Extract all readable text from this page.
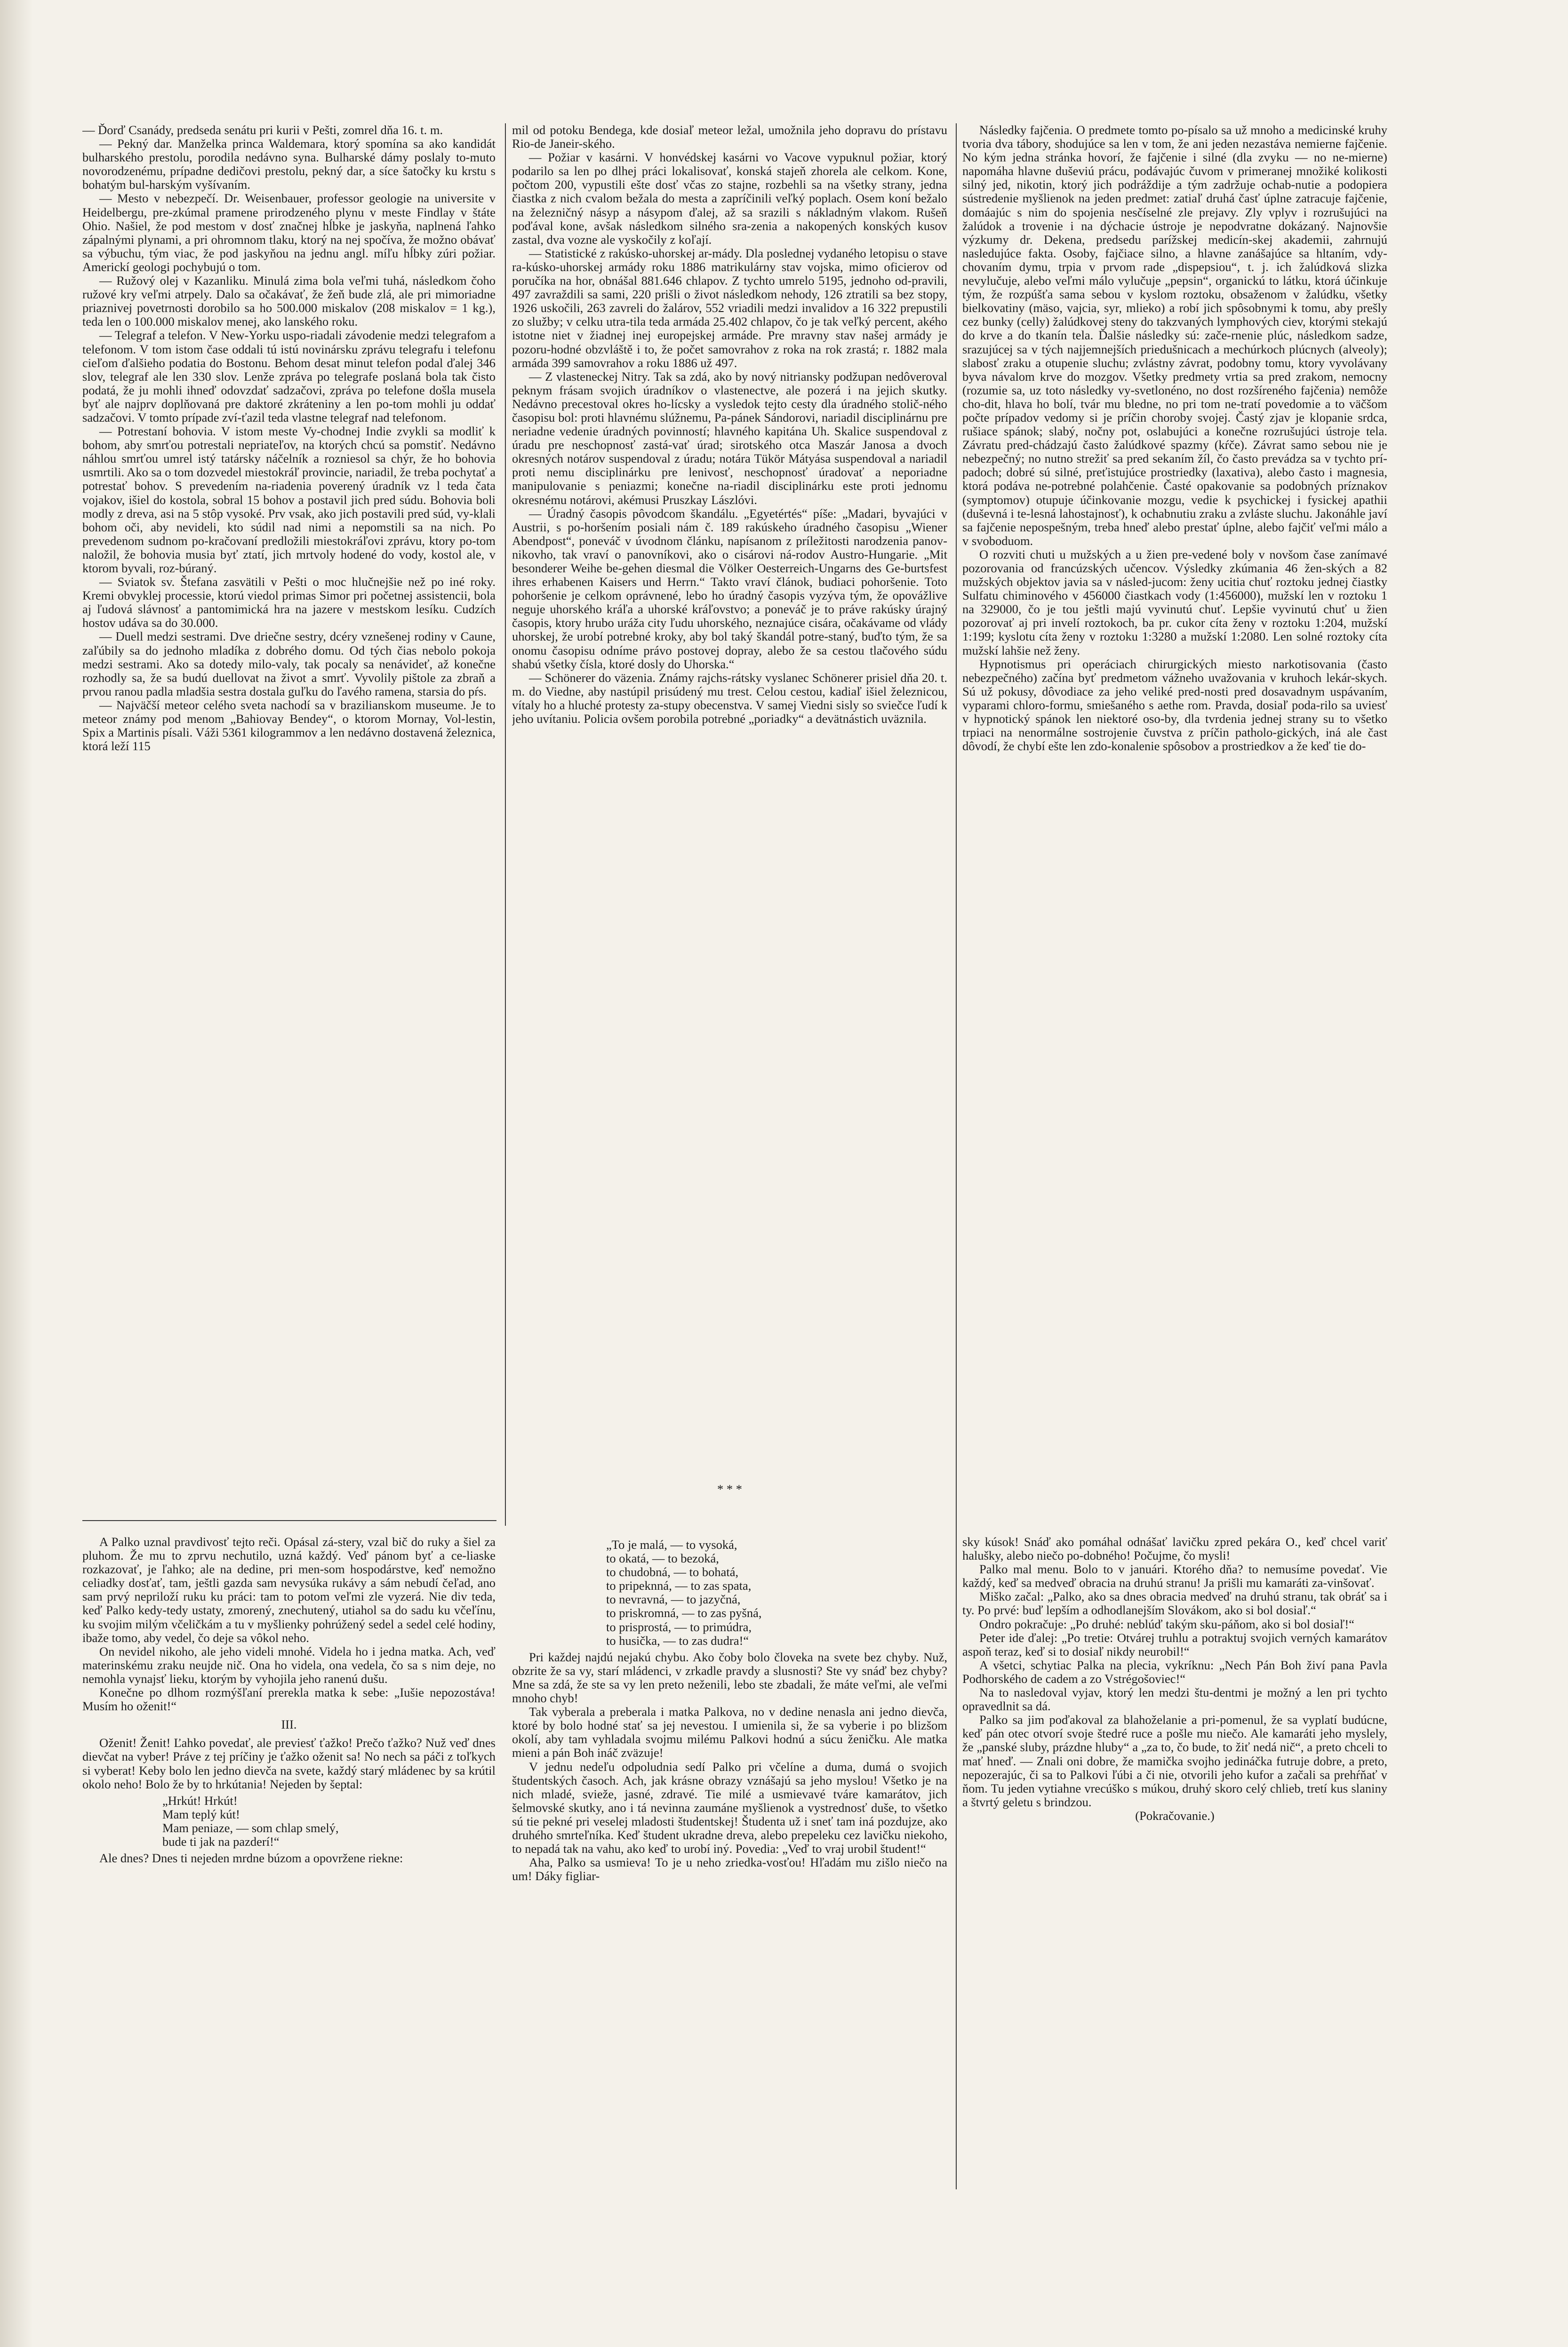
— Ďorď Csanády, predseda senátu pri kurii v Pešti, zomrel dňa 16. t. m.

— Pekný dar. Manželka princa Waldemara, ktorý spomína sa ako kandidát bulharského prestolu, porodila nedávno syna. Bulharské dámy poslaly to-muto novorodzenému, prípadne dedičovi prestolu, pekný dar, a síce šatočky ku krstu s bohatým bul-harským vyšívaním.

— Mesto v nebezpečí. Dr. Weisenbauer, professor geologie na universite v Heidelbergu, pre-zkúmal pramene prirodzeného plynu v meste Findlay v štáte Ohio. Našiel, že pod mestom v dosť značnej hĺbke je jaskyňa, naplnená ľahko zápalnými plynami, a pri ohromnom tlaku, ktorý na nej spočíva, že možno obávať sa výbuchu, tým viac, že pod jaskyňou na jednu angl. míľu hĺbky zúri požiar. Americkí geologi pochybujú o tom.

— Ružový olej v Kazanliku. Minulá zima bola veľmi tuhá, následkom čoho ružové kry veľmi atrpely. Dalo sa očakávať, že žeň bude zlá, ale pri mimoriadne priaznivej povetrnosti dorobilo sa ho 500.000 miskalov (208 miskalov = 1 kg.), teda len o 100.000 miskalov menej, ako lanského roku.

— Telegraf a telefon. V New-Yorku uspo-riadali závodenie medzi telegrafom a telefonom. V tom istom čase oddali tú istú novinársku zprávu telegrafu i telefonu cieľom ďalšieho podatia do Bostonu. Behom desat minut telefon podal ďalej 346 slov, telegraf ale len 330 slov. Lenže zpráva po telegrafe poslaná bola tak čisto podatá, že ju mohli ihneď odovzdať sadzačovi, zpráva po telefone došla musela byť ale najprv doplňovaná pre daktoré zkráteniny a len po-tom mohli ju oddať sadzačovi. V tomto prípade zví-ťazil teda vlastne telegraf nad telefonom.

— Potrestaní bohovia. V istom meste Vy-chodnej Indie zvykli sa modliť k bohom, aby smrťou potrestali nepriateľov, na ktorých chcú sa pomstiť. Nedávno náhlou smrťou umrel istý tatársky náčelník a rozniesol sa chýr, že ho bohovia usmrtili. Ako sa o tom dozvedel miestokráľ provincie, nariadil, že treba pochytať a potrestať bohov. S prevedením na-riadenia poverený úradník vz l teda čata vojakov, išiel do kostola, sobral 15 bohov a postavil jich pred súdu. Bohovia boli modly z dreva, asi na 5 stôp vysoké. Prv vsak, ako jich postavili pred súd, vy-klali bohom oči, aby nevideli, kto súdil nad nimi a nepomstili sa na nich. Po prevedenom sudnom po-kračovaní predložili miestokráľovi zprávu, ktory po-tom naložil, že bohovia musia byť ztatí, jich mrtvoly hodené do vody, kostol ale, v ktorom byvali, roz-búraný.

— Sviatok sv. Štefana zasvätili v Pešti o moc hlučnejšie než po iné roky. Kremi obvyklej processie, ktorú viedol primas Simor pri početnej assistencii, bola aj ľudová slávnosť a pantomimická hra na jazere v mestskom lesíku. Cudzích hostov udáva sa do 30.000.

— Duell medzi sestrami. Dve driečne sestry, dcéry vznešenej rodiny v Caune, zaľúbily sa do jednoho mladíka z dobrého domu. Od tých čias nebolo pokoja medzi sestrami. Ako sa dotedy milo-valy, tak pocaly sa nenávideť, až konečne rozhodly sa, že sa budú duellovat na život a smrť. Vyvolily pištole za zbraň a prvou ranou padla mladšia sestra dostala guľku do ľavého ramena, starsia do pŕs.

— Najväčší meteor celého sveta nachodí sa v brazilianskom museume. Je to meteor známy pod menom „Bahiovay Bendey“, o ktorom Mornay, Vol-lestin, Spix a Martinis písali. Váži 5361 kilogrammov a len nedávno dostavená železnica, ktorá leží 115

mil od potoku Bendega, kde dosiaľ meteor ležal, umožnila jeho dopravu do prístavu Rio-de Janeir-ského.

— Požiar v kasárni. V honvédskej kasárni vo Vacove vypuknul požiar, ktorý podarilo sa len po dlhej práci lokalisovať, konská stajeň zhorela ale celkom. Kone, počtom 200, vypustili ešte dosť včas zo stajne, rozbehli sa na všetky strany, jedna čiastka z nich cvalom bežala do mesta a zapríčinili veľký poplach. Osem koní bežalo na železničný násyp a násypom ďalej, až sa srazili s nákladným vlakom. Rušeň poďával kone, avšak následkom silného sra-zenia a nakopených konských kusov zastal, dva vozne ale vyskočily z koľají.

— Statistické z rakúsko-uhorskej ar-mády. Dla poslednej vydaného letopisu o stave ra-kúsko-uhorskej armády roku 1886 matrikulárny stav vojska, mimo oficierov od poručíka na hor, obnášal 881.646 chlapov. Z tychto umrelo 5195, jednoho od-pravili, 497 zavraždili sa sami, 220 prišli o život následkom nehody, 126 ztratili sa bez stopy, 1926 uskočili, 263 zavreli do žalárov, 552 vriadili medzi invalidov a 16 322 prepustili zo služby; v celku utra-tila teda armáda 25.402 chlapov, čo je tak veľký percent, akého istotne niet v žiadnej inej europejskej armáde. Pre mravny stav našej armády je pozoru-hodné obzvláště i to, že počet samovrahov z roka na rok zrastá; r. 1882 mala armáda 399 samovrahov a roku 1886 už 497.

— Z vlasteneckej Nitry. Tak sa zdá, ako by nový nitriansky podžupan nedôveroval peknym frásam svojich úradníkov o vlastenectve, ale pozerá i na jejich skutky. Nedávno precestoval okres ho-lícsky a vysledok tejto cesty dla úradného stolič-ného časopisu bol: proti hlavnému slúžnemu, Pa-pánek Sándorovi, nariadil disciplinárnu pre neriadne vedenie úradných povinností; hlavného kapitána Uh. Skalice suspendoval z úradu pre neschopnosť zastá-vať úrad; sirotského otca Maszár Janosa a dvoch okresných notárov suspendoval z úradu; notára Tükör Mátyása suspendoval a nariadil proti nemu disciplinárku pre lenivosť, neschopnosť úradovať a neporiadne manipulovanie s peniazmi; konečne na-riadil disciplinárku este proti jednomu okresnému notárovi, akémusi Pruszkay Lászlóvi.

— Úradný časopis pôvodcom škandálu. „Egyetértés“ píše: „Madari, byvajúci v Austrii, s po-horšením posiali nám č. 189 rakúskeho úradného časopisu „Wiener Abendpost“, poneváč v úvodnom článku, napísanom z príležitosti narodzenia panov-nikovho, tak vraví o panovníkovi, ako o cisárovi ná-rodov Austro-Hungarie. „Mit besonderer Weihe be-gehen diesmal die Völker Oesterreich-Ungarns des Ge-burtsfest ihres erhabenen Kaisers und Herrn.“ Takto vraví článok, budiaci pohoršenie. Toto pohoršenie je celkom oprávnené, lebo ho úradný časopis vyzýva tým, že opovážlive neguje uhorského kráľa a uhorské kráľovstvo; a poneváč je to práve rakúsky úrajný časopis, ktory hrubo uráža city ľudu uhorského, neznajúce cisára, očakávame od vlády uhorskej, že urobí potrebné kroky, aby bol taký škandál potre-staný, buďto tým, že sa onomu časopisu odníme právo postovej dopray, alebo že sa cestou tlačového súdu shabú všetky čísla, ktoré dosly do Uhorska.“

— Schönerer do väzenia. Známy rajchs-rátsky vyslanec Schönerer prisiel dňa 20. t. m. do Viedne, aby nastúpil prisúdený mu trest. Celou cestou, kadiaľ išiel železnicou, vítaly ho a hluché protesty za-stupy obecenstva. V samej Viedni sisly so sviečce ľudí k jeho uvítaniu. Policia ovšem porobila potrebné „poriadky“ a devätnástich uväznila.

* * *

Následky fajčenia. O predmete tomto po-písalo sa už mnoho a medicinské kruhy tvoria dva tábory, shodujúce sa len v tom, že ani jeden nezastáva nemierne fajčenie. No kým jedna stránka hovorí, že fajčenie i silné (dla zvyku — no ne-mierne) napomáha hlavne duševiú prácu, podávajúc čuvom v primeranej množiké kolikosti silný jed, nikotin, ktorý jich podráždije a tým zadržuje ochab-nutie a podopiera sústredenie myšlienok na jeden predmet: zatiaľ druhá časť úplne zatracuje fajčenie, domáajúc s nim do spojenia nesčíselné zle prejavy. Zly vplyv i rozrušujúci na žalúdok a trovenie i na dýchacie ústroje je nepodvratne dokázaný. Najnovšie výzkumy dr. Dekena, predsedu parížskej medicín-skej akademii, zahrnujú nasledujúce fakta. Osoby, fajčiace silno, a hlavne zanášajúce sa hltaním, vdy-chovaním dymu, trpia v prvom rade „dispepsiou“, t. j. ich žalúdková slizka nevylučuje, alebo veľmi málo vylučuje „pepsin“, organickú to látku, ktorá účinkuje tým, že rozpúšťa sama sebou v kyslom roztoku, obsaženom v žalúdku, všetky bielkovatiny (mäso, vajcia, syr, mlieko) a robí jich spôsobnymi k tomu, aby prešly cez bunky (celly) žalúdkovej steny do takzvaných lymphových ciev, ktorými stekajú do krve a do tkanín tela. Ďalšie následky sú: zače-rnenie plúc, následkom sadze, srazujúcej sa v tých najjemnejších priedušnicach a mechúrkoch plúcnych (alveoly); slabosť zraku a otupenie sluchu; zvlástny závrat, podobny tomu, ktory vyvolávany byva návalom krve do mozgov. Všetky predmety vrtia sa pred zrakom, nemocny (rozumie sa, uz toto následky vy-svetlonéno, no dost rozšíreného fajčenia) nemôže cho-dit, hlava ho bolí, tvár mu bledne, no pri tom ne-tratí povedomie a to väčšom počte prípadov vedomy si je príčin choroby svojej. Častý zjav je klopanie srdca, rušiace spánok; slabý, nočny pot, oslabujúci a konečne rozrušujúci ústroje tela. Závratu pred-chádzajú často žalúdkové spazmy (kŕče). Závrat samo sebou nie je nebezpečný; no nutno strežiť sa pred sekaním žíl, čo často prevádza sa v tychto prí-padoch; dobré sú silné, preťistujúce prostriedky (laxativa), alebo často i magnesia, ktorá podáva ne-potrebné polahčenie. Časté opakovanie sa podobných príznakov (symptomov) otupuje účinkovanie mozgu, vedie k psychickej i fysickej apathii (duševná i te-lesná lahostajnosť), k ochabnutiu zraku a zvláste sluchu. Jakonáhle javí sa fajčenie nepospešným, treba hneď alebo prestať úplne, alebo fajčiť veľmi málo a v svoboduom.

O rozviti chuti u mužských a u žien pre-vedené boly v novšom čase zanímavé pozorovania od francúzských učencov. Výsledky zkúmania 46 žen-ských a 82 mužských objektov javia sa v násled-jucom: ženy ucitia chuť roztoku jednej čiastky Sulfatu chiminového v 456000 čiastkach vody (1:456000), mužskí len v roztoku 1 na 329000, čo je tou ještli majú vyvinutú chuť. Lepšie vyvinutú chuť u žien pozorovať aj pri invelí roztokoch, ba pr. cukor cíta ženy v roztoku 1:204, mužskí 1:199; kyslotu cíta ženy v roztoku 1:3280 a mužskí 1:2080. Len solné roztoky cíta mužskí lahšie než ženy.

Hypnotismus pri operáciach chirurgických miesto narkotisovania (často nebezpečného) začína byť predmetom vážneho uvažovania v kruhoch lekár-skych. Sú už pokusy, dôvodiace za jeho veliké pred-nosti pred dosavadnym uspávaním, vyparami chloro-formu, smiešaného s aethe rom. Pravda, dosiaľ poda-rilo sa uviesť v hypnotický spánok len niektoré oso-by, dla tvrdenia jednej strany su to všetko trpiaci na nenormálne sostrojenie čuvstva z príčin patholo-gických, iná ale čast dôvodí, že chybí ešte len zdo-konalenie spôsobov a prostriedkov a že keď tie do-

A Palko uznal pravdivosť tejto reči. Opásal zá-sterу, vzal bič do ruky a šiel za pluhom. Že mu to zprvu nechutilo, uzná každý. Veď pánom byť a ce-liaske rozkazovať, je ľahko; ale na dedine, pri men-som hospodárstve, keď nemožno celiadky dosťať, tam, ještli gazda sam nevysúka rukávy a sám nebudí čeľad, ano sam prvý nepriloží ruku ku práci: tam to potom veľmi zle vyzerá. Nie div teda, keď Palko kedy-tedy ustaty, zmorený, znechutený, utiahol sa do sadu ku včeľínu, ku svojim milým včeličkám a tu v myšlienky pohrúžený sedel a sedel celé hodiny, ibaže tomo, aby vedel, čo deje sa vôkol neho.

On nevidel nikoho, ale jeho videli mnohé. Videla ho i jedna matka. Ach, veď materinskému zraku neujde nič. Ona ho videla, ona vedela, čo sa s nim deje, no nemohla vynajsť lieku, ktorým by vyhojila jeho ranenú dušu.

Konečne po dlhom rozmýšľaní prerekla matka k sebe: „Iušie nepozostáva! Musím ho oženit!“

III.

Oženit! Ženit! Ľahko povedať, ale previesť ťažko! Prečo ťažko? Nuž veď dnes dievčat na vyber! Práve z tej príčiny je ťažko oženit sa! No nech sa páči z toľkych si vyberat! Keby bolo len jedno dievča na svete, každý starý mládenec by sa krútil okolo neho! Bolo že by to hrkútania! Nejeden by šeptal:

„Hrkút! Hrkút!
Mam teplý kút!
Mam peniaze, — som chlap smelý,
bude ti jak na pazderí!“

Ale dnes? Dnes ti nejeden mrdne búzom a opovržene riekne:

„To je malá, — to vysoká,
to okatá, — to bezoká,
to chudobná, — to bohatá,
to pripeknná, — to zas spata,
to nevravná, — to jazyčná,
to priskromná, — to zas pyšná,
to prisprostá, — to primúdra,
to husička, — to zas dudra!“

Pri každej najdú nejakú chybu. Ako čoby bolo človeka na svete bez chyby. Nuž, obzrite že sa vy, starí mládenci, v zrkadle pravdy a slusnosti? Ste vy snáď bez chyby? Mne sa zdá, že ste sa vy len preto neženili, lebo ste zbadali, že máte veľmi, ale veľmi mnoho chyb!

Tak vyberala a preberala i matka Palkova, no v dedine nenasla ani jedno dievča, ktoré by bolo hodné stať sa jej nevestou. I umienila si, že sa vyberie i po blizšom okolí, aby tam vyhladala svojmu milému Palkovi hodnú a súcu ženičku. Ale matka mieni a pán Boh ináč zväzuje!

V jednu nedeľu odpoludnia sedí Palko pri včelíne a duma, dumá o svojich študentských časoch. Ach, jak krásne obrazy vznášajú sa jeho myslou! Všetko je na nich mladé, svieže, jasné, zdravé. Tie milé a usmievavé tváre kamarátov, jich šelmovské skutky, ano i tá nevinna zaumáne myšlienok a vystrednosť duše, to všetko sú tie pekné pri veselej mladosti študentskej! Študenta už i sneť tam iná pozdujze, ako druhého smrteľníka. Keď študent ukradne dreva, alebo prepeleku cez lavičku niekoho, to nepadá tak na vahu, ako keď to urobí iný. Povedia: „Veď to vraj urobil študent!“

Aha, Palko sa usmieva! To je u neho zriedka-vosťou! Hľadám mu zišlo niečo na um! Dáky figliar-

sky kúsok! Snáď ako pomáhal odnášať lavičku zpred pekára O., keď chcel variť halušky, alebo niečo po-dobného! Počujme, čo mysli!

Palko mal menu. Bolo to v januári. Ktorého dňa? to nemusíme povedať. Vie každý, keď sa medveď obracia na druhú stranu! Ja prišli mu kamaráti za-vinšovať.

Miško začal: „Palko, ako sa dnes obracia medveď na druhú stranu, tak obráť sa i ty. Po prvé: buď lepším a odhodlanejším Slovákom, ako si bol dosiaľ.“

Ondro pokračuje: „Po druhé: neblúď takým sku-páňom, ako si bol dosiaľ!“

Peter ide ďalej: „Po tretie: Otvárej truhlu a potraktuj svojich verných kamarátov aspoň teraz, keď si to dosiaľ nikdy neurobil!“

A všetci, schytiac Palka na plecia, vykríknu: „Nech Pán Boh živí pana Pavla Podhorského de cadem a zo Vstrégošoviec!“

Na to nasledoval vyjav, ktorý len medzi štu-dentmi je možný a len pri tychto opravedlnit sa dá.

Palko sa jim poďakoval za blahoželanie a pri-pomenul, že sa vyplatí budúcne, keď pán otec otvorí svoje štedré ruce a pošle mu niečo. Ale kamaráti jeho myslely, že „panské sluby, prázdne hluby“ a „za to, čo bude, to žiť nedá nič“, a preto chcelі to mať hneď. — Znali oni dobre, že mamička svojho jedináčka futruje dobre, a preto, nepozerajúc, či sa to Palkovi ľúbi a či nie, otvorili jeho kufor a začali sa prehŕňať v ňom. Tu jeden vytiahne vrecúško s múkou, druhý skoro celý chlieb, tretí kus slaniny a štvrtý geletu s brindzou.

(Pokračovanie.)
